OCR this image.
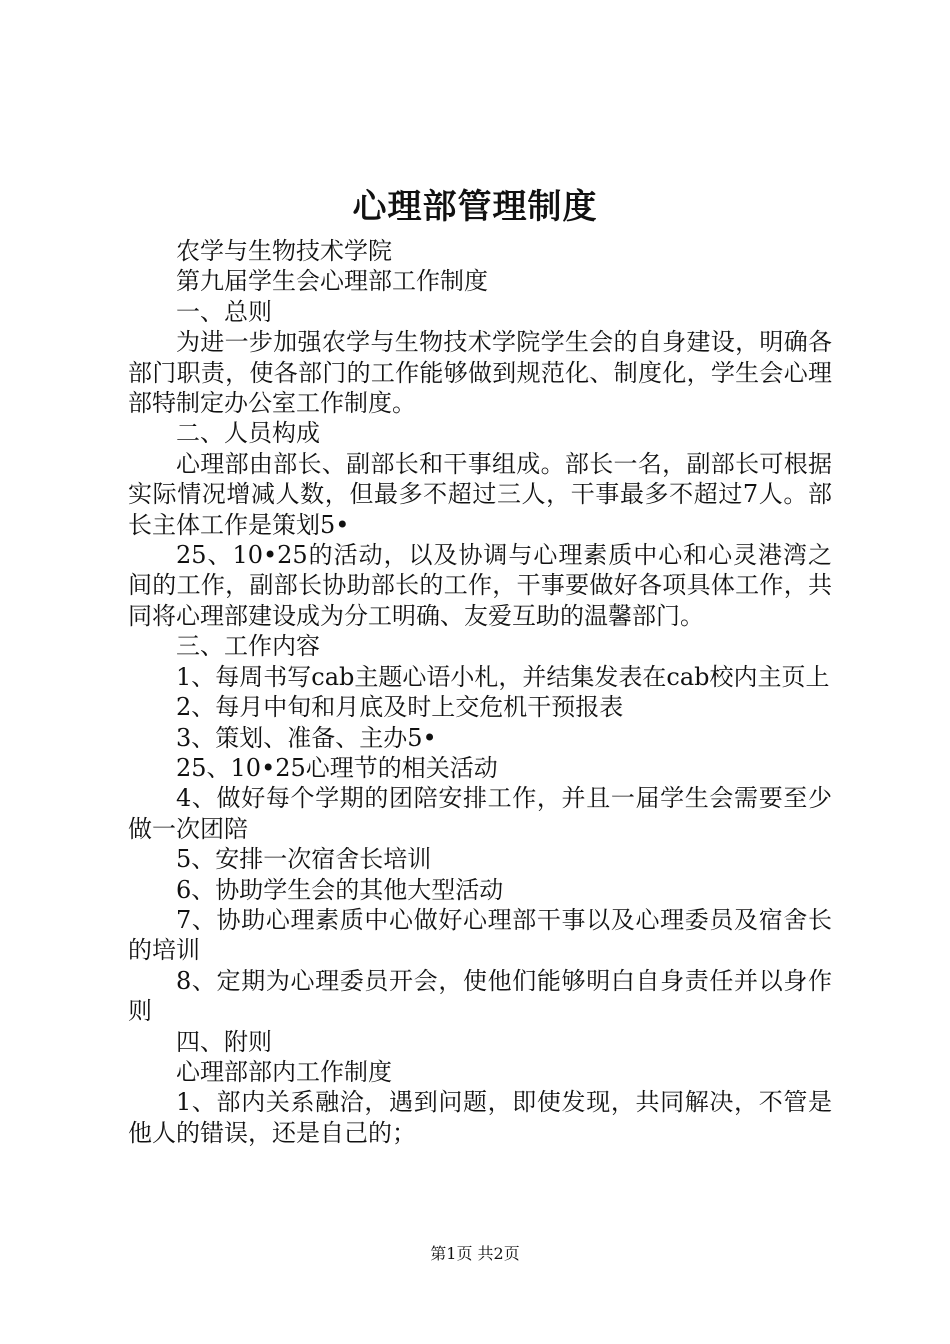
心理部管理制度

农学与生物技术学院

第九届学生会心理部工作制度

一、总则

为进一步加强农学与生物技术学院学生会的自身建设，明确各部门职责，使各部门的工作能够做到规范化、制度化，学生会心理部特制定办公室工作制度。

二、人员构成

心理部由部长、副部长和干事组成。部长一名，副部长可根据实际情况增减人数，但最多不超过三人，干事最多不超过7人。部长主体工作是策划5•

25、10•25的活动，以及协调与心理素质中心和心灵港湾之间的工作，副部长协助部长的工作，干事要做好各项具体工作，共同将心理部建设成为分工明确、友爱互助的温馨部门。

三、工作内容

1、每周书写cab主题心语小札，并结集发表在cab校内主页上

2、每月中旬和月底及时上交危机干预报表

3、策划、准备、主办5•

25、10•25心理节的相关活动

4、做好每个学期的团陪安排工作，并且一届学生会需要至少做一次团陪

5、安排一次宿舍长培训

6、协助学生会的其他大型活动

7、协助心理素质中心做好心理部干事以及心理委员及宿舍长的培训

8、定期为心理委员开会，使他们能够明白自身责任并以身作则

四、附则

心理部部内工作制度

1、部内关系融洽，遇到问题，即使发现，共同解决，不管是他人的错误，还是自己的；

第1页 共2页
